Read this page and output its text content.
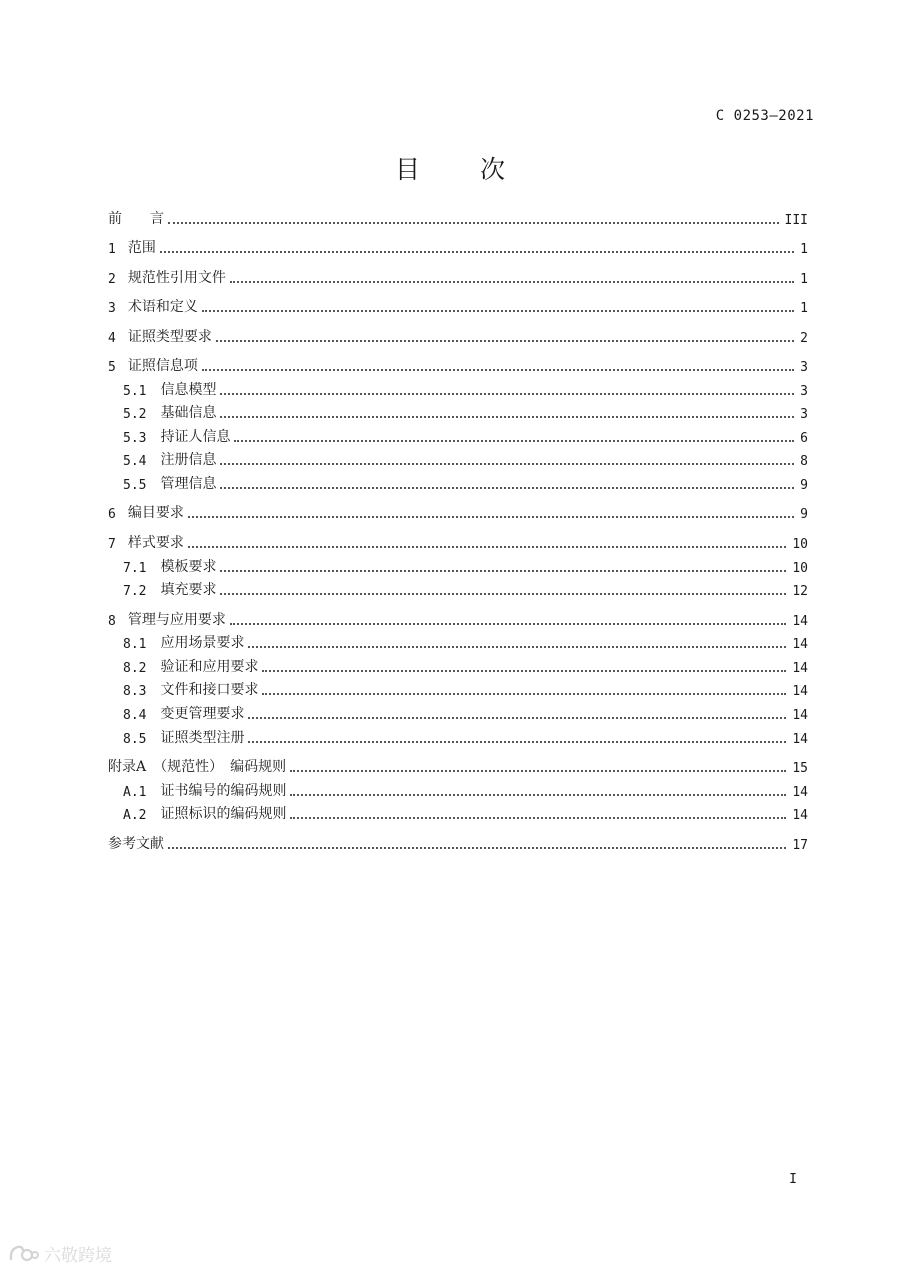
C 0253—2021
目 次
前　　言	III
1 范围	1
2 规范性引用文件	1
3 术语和定义	1
4 证照类型要求	2
5 证照信息项	3
5.1 信息模型	3
5.2 基础信息	3
5.3 持证人信息	6
5.4 注册信息	8
5.5 管理信息	9
6 编目要求	9
7 样式要求	10
7.1 模板要求	10
7.2 填充要求	12
8 管理与应用要求	14
8.1 应用场景要求	14
8.2 验证和应用要求	14
8.3 文件和接口要求	14
8.4 变更管理要求	14
8.5 证照类型注册	14
附录A　（规范性）　编码规则	15
A.1 证书编号的编码规则	14
A.2 证照标识的编码规则	14
参考文献	17
I
六敬跨境
